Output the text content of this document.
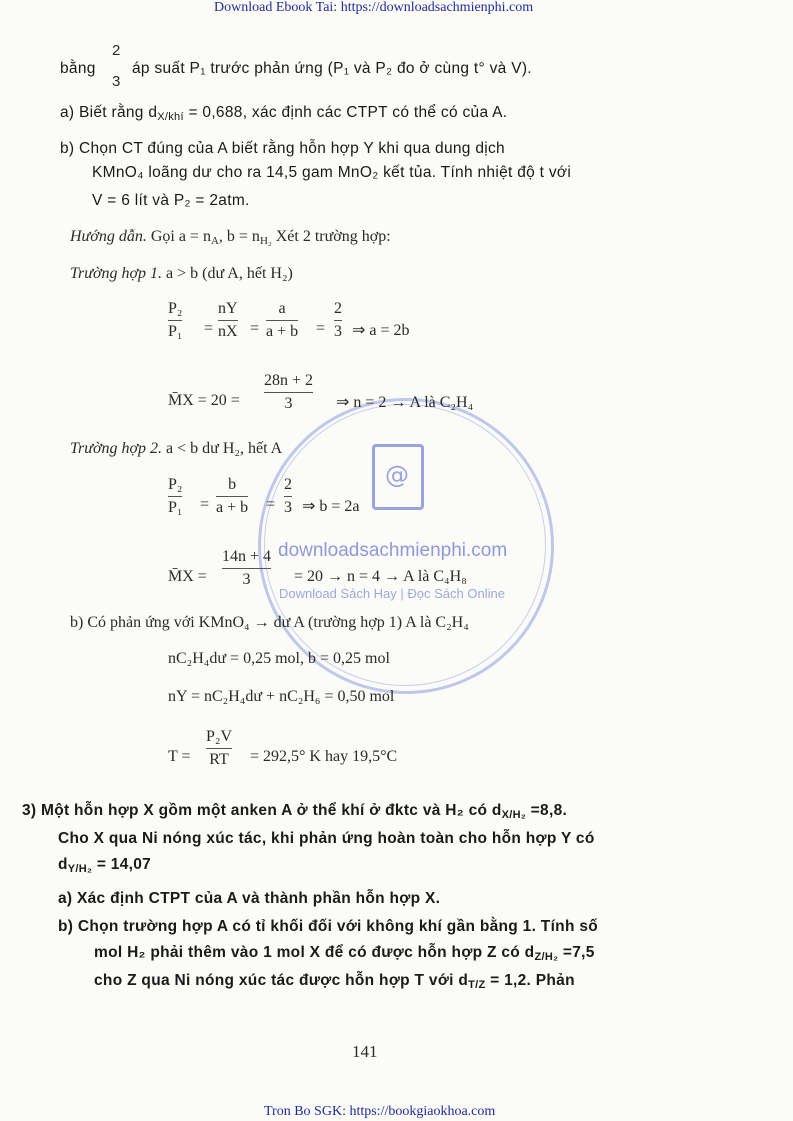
Download Ebook Tai: https://downloadsachmienphi.com
Tron Bo SGK: https://bookgiaokhoa.com
@
downloadsachmienphi.com
Download Sách Hay | Đọc Sách Online
bằng
2
3
áp suất P₁ trước phản ứng (P₁ và P₂ đo ở cùng t° và V).
a) Biết rằng $d_{X/khí} = 0,688$, xác định các CTPT có thể có của A.
b) Chọn CT đúng của A biết rằng hỗn hợp Y khi qua dung dịch
KMnO₄ loãng dư cho ra 14,5 gam MnO₂ kết tủa. Tính nhiệt độ t với
V = 6 lít và P₂ = 2atm.
Hướng dẫn. Gọi $a = n_A$, $b = n_{H_2}$ Xét 2 trường hợp:
Trường hợp 1. a > b (dư A, hết H₂)
P₂
P₁ =
nY
nX =
a
a + b =
2
3 ⇒ a = 2b
M̄X = 20 =
28n + 2
3	⇒ n = 2 → A là C₂H₄
Trường hợp 2. a < b dư H₂, hết A
P₂
P₁ =
b
a + b =
2
3 ⇒ b = 2a
M̄X =
14n + 4
3	= 20 → n = 4 → A là C₄H₈
b) Có phản ứng với KMnO₄ → dư A (trường hợp 1) A là C₂H₄
nC₂H₄dư = 0,25 mol, b = 0,25 mol
nY = nC₂H₄dư + nC₂H₆ = 0,50 mol
T =
P₂V
RT = 292,5° K hay 19,5°C
3) Một hỗn hợp X gồm một anken A ở thể khí ở đktc và H₂ có $d_{X/H_2} =8,8$.
Cho X qua Ni nóng xúc tác, khi phản ứng hoàn toàn cho hỗn hợp Y có
$d_{Y/H_2} = 14,07$
a) Xác định CTPT của A và thành phần hỗn hợp X.
b) Chọn trường hợp A có tỉ khối đối với không khí gần bằng 1. Tính số
mol H₂ phải thêm vào 1 mol X để có được hỗn hợp Z có $d_{Z/H_2} =7,5$
cho Z qua Ni nóng xúc tác được hỗn hợp T với $d_{T/Z} = 1,2$. Phản
141
